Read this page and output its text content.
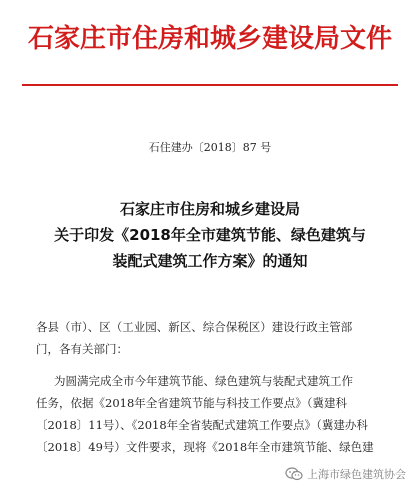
石家庄市住房和城乡建设局文件
石住建办〔2018〕87 号
石家庄市住房和城乡建设局
关于印发《2018年全市建筑节能、绿色建筑与
装配式建筑工作方案》的通知
各县（市）、区（工业园、新区、综合保税区）建设行政主管部
门，各有关部门：
为圆满完成全市今年建筑节能、绿色建筑与装配式建筑工作
任务，依据《2018年全省建筑节能与科技工作要点》（冀建科
〔2018〕11号）、《2018年全省装配式建筑工作要点》（冀建办科
〔2018〕49号）文件要求，现将《2018年全市建筑节能、绿色建
上海市绿色建筑协会
